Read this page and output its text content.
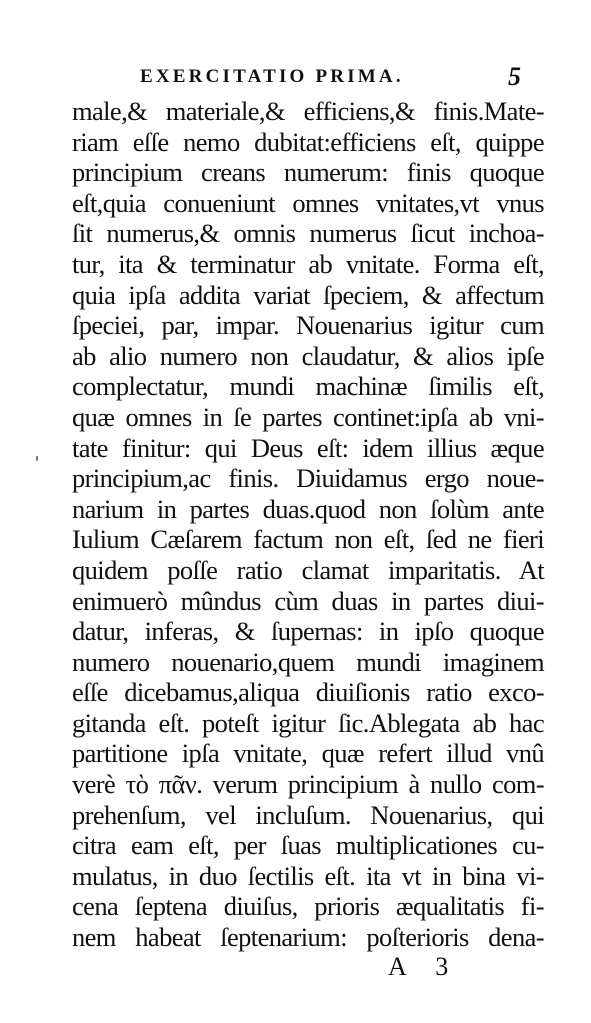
EXERCITATIO PRIMA.	5
male,& materiale,& efficiens,& finis.Mate-
riam eſſe nemo dubitat:efficiens eſt, quippe
principium creans numerum: finis quoque
eſt,quia conueniunt omnes vnitates,vt vnus
ſit numerus,& omnis numerus ſicut inchoa-
tur, ita & terminatur ab vnitate. Forma eſt,
quia ipſa addita variat ſpeciem, & affectum
ſpeciei, par, impar. Nouenarius igitur cum
ab alio numero non claudatur, & alios ipſe
complectatur, mundi machinæ ſimilis eſt,
quæ omnes in ſe partes continet:ipſa ab vni-
tate finitur: qui Deus eſt: idem illius æque
principium,ac finis. Diuidamus ergo noue-
narium in partes duas.quod non ſolùm ante
Iulium Cæſarem factum non eſt, ſed ne fieri
quidem poſſe ratio clamat imparitatis. At
enimuerò mûndus cùm duas in partes diui-
datur, inferas, & ſupernas: in ipſo quoque
numero nouenario,quem mundi imaginem
eſſe dicebamus,aliqua diuiſionis ratio exco-
gitanda eſt. poteſt igitur ſic.Ablegata ab hac
partitione ipſa vnitate, quæ refert illud vnû
verè τὸ πᾶν. verum principium à nullo com-
prehenſum, vel incluſum. Nouenarius, qui
citra eam eſt, per ſuas multiplicationes cu-
mulatus, in duo ſectilis eſt. ita vt in bina vi-
cena ſeptena diuiſus, prioris æqualitatis fi-
nem habeat ſeptenarium: poſterioris dena-
A 3
